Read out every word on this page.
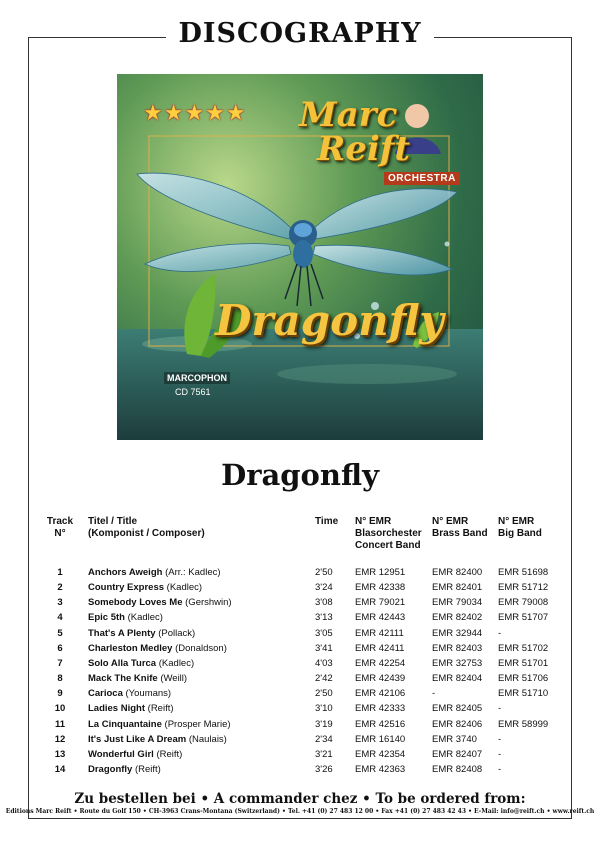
DISCOGRAPHY
★★★★★ Marc
Reift
ORCHESTRA
Dragonfly
MARCOPHON
CD 7561
Dragonfly
Track
N°
Titel / Title
(Komponist / Composer)
Time N° EMR
Blasorchester
Concert Band
N° EMR
Brass Band
N° EMR
Big Band
1	Anchors Aweigh (Arr.: Kadlec)	2'50 EMR 12951	EMR 82400 EMR 51698
2	Country Express (Kadlec)	3'24 EMR 42338	EMR 82401 EMR 51712
3	Somebody Loves Me (Gershwin)	3'08 EMR 79021	EMR 79034 EMR 79008
4	Epic 5th (Kadlec)	3'13 EMR 42443	EMR 82402 EMR 51707
5	That's A Plenty (Pollack)	3'05 EMR 42111	EMR 32944 -
6	Charleston Medley (Donaldson)	3'41 EMR 42411	EMR 82403 EMR 51702
7	Solo Alla Turca (Kadlec)	4'03 EMR 42254	EMR 32753 EMR 51701
8	Mack The Knife (Weill)	2'42 EMR 42439	EMR 82404 EMR 51706
9	Carioca (Youmans)	2'50 EMR 42106	-	EMR 51710
10	Ladies Night (Reift)	3'10 EMR 42333	EMR 82405 -
11	La Cinquantaine (Prosper Marie)	3'19 EMR 42516	EMR 82406 EMR 58999
12	It's Just Like A Dream (Naulais)	2'34 EMR 16140	EMR 3740 -
13	Wonderful Girl (Reift)	3'21 EMR 42354	EMR 82407 -
14	Dragonfly (Reift)	3'26 EMR 42363	EMR 82408 -
Zu bestellen bei • A commander chez • To be ordered from:
Editions Marc Reift • Route du Golf 150 • CH-3963 Crans-Montana (Switzerland) • Tel. +41 (0) 27 483 12 00 • Fax +41 (0) 27 483 42 43 • E-Mail: info@reift.ch • www.reift.ch
